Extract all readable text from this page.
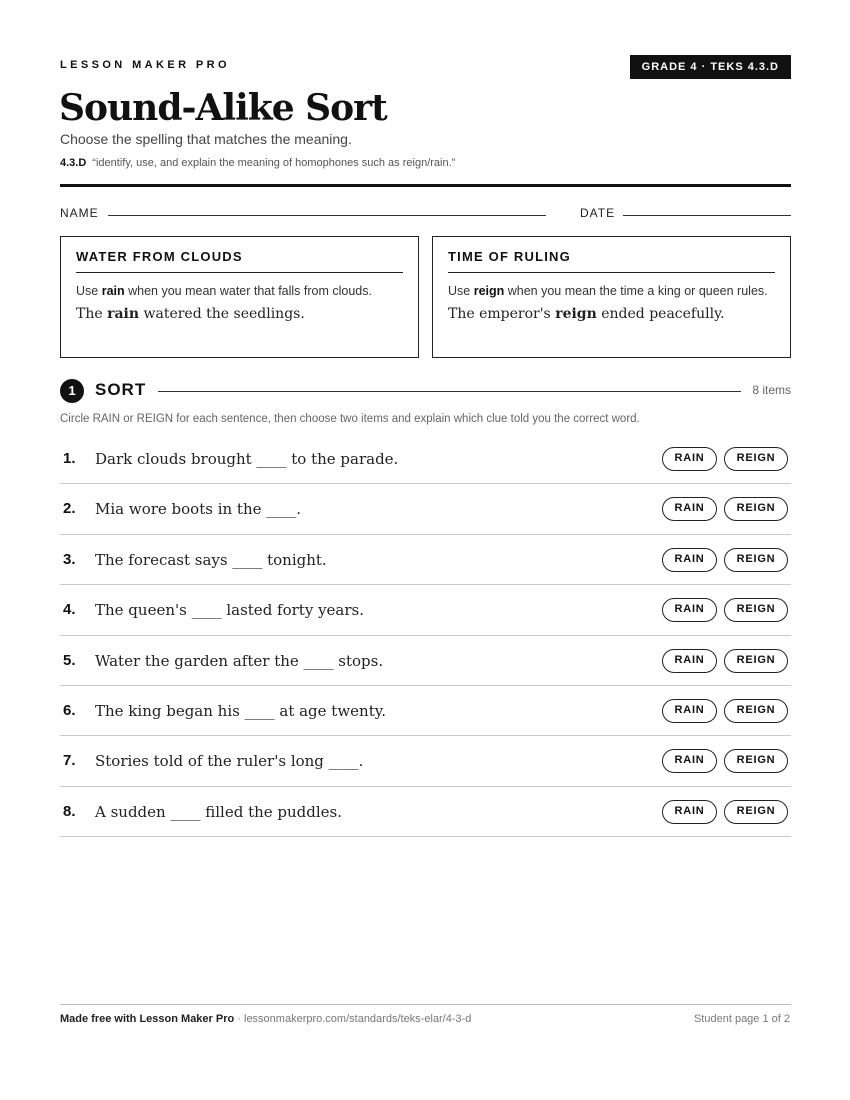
LESSON MAKER PRO	GRADE 4 · TEKS 4.3.D
Sound-Alike Sort
Choose the spelling that matches the meaning.
4.3.D “identify, use, and explain the meaning of homophones such as reign/rain.”
NAME	DATE
WATER FROM CLOUDS
Use rain when you mean water that falls from clouds.
The rain watered the seedlings.
TIME OF RULING
Use reign when you mean the time a king or queen rules.
The emperor's reign ended peacefully.
1	SORT	8 items
Circle RAIN or REIGN for each sentence, then choose two items and explain which clue told you the correct word.
1. Dark clouds brought ____ to the parade.	RAIN	REIGN
2. Mia wore boots in the ____.	RAIN	REIGN
3. The forecast says ____ tonight.	RAIN	REIGN
4. The queen's ____ lasted forty years.	RAIN	REIGN
5. Water the garden after the ____ stops.	RAIN	REIGN
6. The king began his ____ at age twenty.	RAIN	REIGN
7. Stories told of the ruler's long ____.	RAIN	REIGN
8. A sudden ____ filled the puddles.	RAIN	REIGN
Made free with Lesson Maker Pro · lessonmakerpro.com/standards/teks-elar/4-3-d	Student page 1 of 2
